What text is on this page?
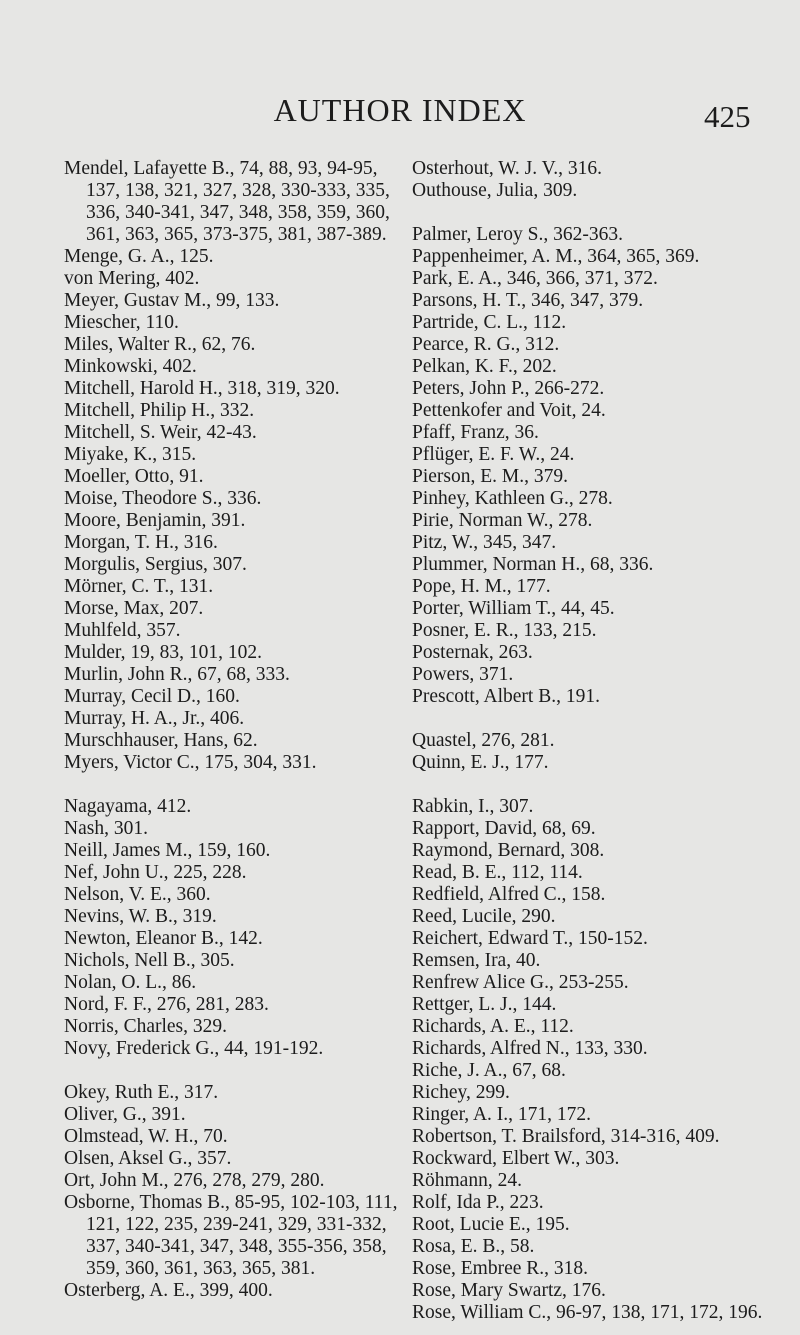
AUTHOR INDEX	425
Mendel, Lafayette B., 74, 88, 93, 94-95, 137, 138, 321, 327, 328, 330-333, 335, 336, 340-341, 347, 348, 358, 359, 360, 361, 363, 365, 373-375, 381, 387-389.
Menge, G. A., 125.
von Mering, 402.
Meyer, Gustav M., 99, 133.
Miescher, 110.
Miles, Walter R., 62, 76.
Minkowski, 402.
Mitchell, Harold H., 318, 319, 320.
Mitchell, Philip H., 332.
Mitchell, S. Weir, 42-43.
Miyake, K., 315.
Moeller, Otto, 91.
Moise, Theodore S., 336.
Moore, Benjamin, 391.
Morgan, T. H., 316.
Morgulis, Sergius, 307.
Mörner, C. T., 131.
Morse, Max, 207.
Muhlfeld, 357.
Mulder, 19, 83, 101, 102.
Murlin, John R., 67, 68, 333.
Murray, Cecil D., 160.
Murray, H. A., Jr., 406.
Murschhauser, Hans, 62.
Myers, Victor C., 175, 304, 331.
Nagayama, 412.
Nash, 301.
Neill, James M., 159, 160.
Nef, John U., 225, 228.
Nelson, V. E., 360.
Nevins, W. B., 319.
Newton, Eleanor B., 142.
Nichols, Nell B., 305.
Nolan, O. L., 86.
Nord, F. F., 276, 281, 283.
Norris, Charles, 329.
Novy, Frederick G., 44, 191-192.
Okey, Ruth E., 317.
Oliver, G., 391.
Olmstead, W. H., 70.
Olsen, Aksel G., 357.
Ort, John M., 276, 278, 279, 280.
Osborne, Thomas B., 85-95, 102-103, 111, 121, 122, 235, 239-241, 329, 331-332, 337, 340-341, 347, 348, 355-356, 358, 359, 360, 361, 363, 365, 381.
Osterberg, A. E., 399, 400.
Osterhout, W. J. V., 316.
Outhouse, Julia, 309.
Palmer, Leroy S., 362-363.
Pappenheimer, A. M., 364, 365, 369.
Park, E. A., 346, 366, 371, 372.
Parsons, H. T., 346, 347, 379.
Partride, C. L., 112.
Pearce, R. G., 312.
Pelkan, K. F., 202.
Peters, John P., 266-272.
Pettenkofer and Voit, 24.
Pfaff, Franz, 36.
Pflüger, E. F. W., 24.
Pierson, E. M., 379.
Pinhey, Kathleen G., 278.
Pirie, Norman W., 278.
Pitz, W., 345, 347.
Plummer, Norman H., 68, 336.
Pope, H. M., 177.
Porter, William T., 44, 45.
Posner, E. R., 133, 215.
Posternak, 263.
Powers, 371.
Prescott, Albert B., 191.
Quastel, 276, 281.
Quinn, E. J., 177.
Rabkin, I., 307.
Rapport, David, 68, 69.
Raymond, Bernard, 308.
Read, B. E., 112, 114.
Redfield, Alfred C., 158.
Reed, Lucile, 290.
Reichert, Edward T., 150-152.
Remsen, Ira, 40.
Renfrew Alice G., 253-255.
Rettger, L. J., 144.
Richards, A. E., 112.
Richards, Alfred N., 133, 330.
Riche, J. A., 67, 68.
Richey, 299.
Ringer, A. I., 171, 172.
Robertson, T. Brailsford, 314-316, 409.
Rockward, Elbert W., 303.
Röhmann, 24.
Rolf, Ida P., 223.
Root, Lucie E., 195.
Rosa, E. B., 58.
Rose, Embree R., 318.
Rose, Mary Swartz, 176.
Rose, William C., 96-97, 138, 171, 172, 196.
